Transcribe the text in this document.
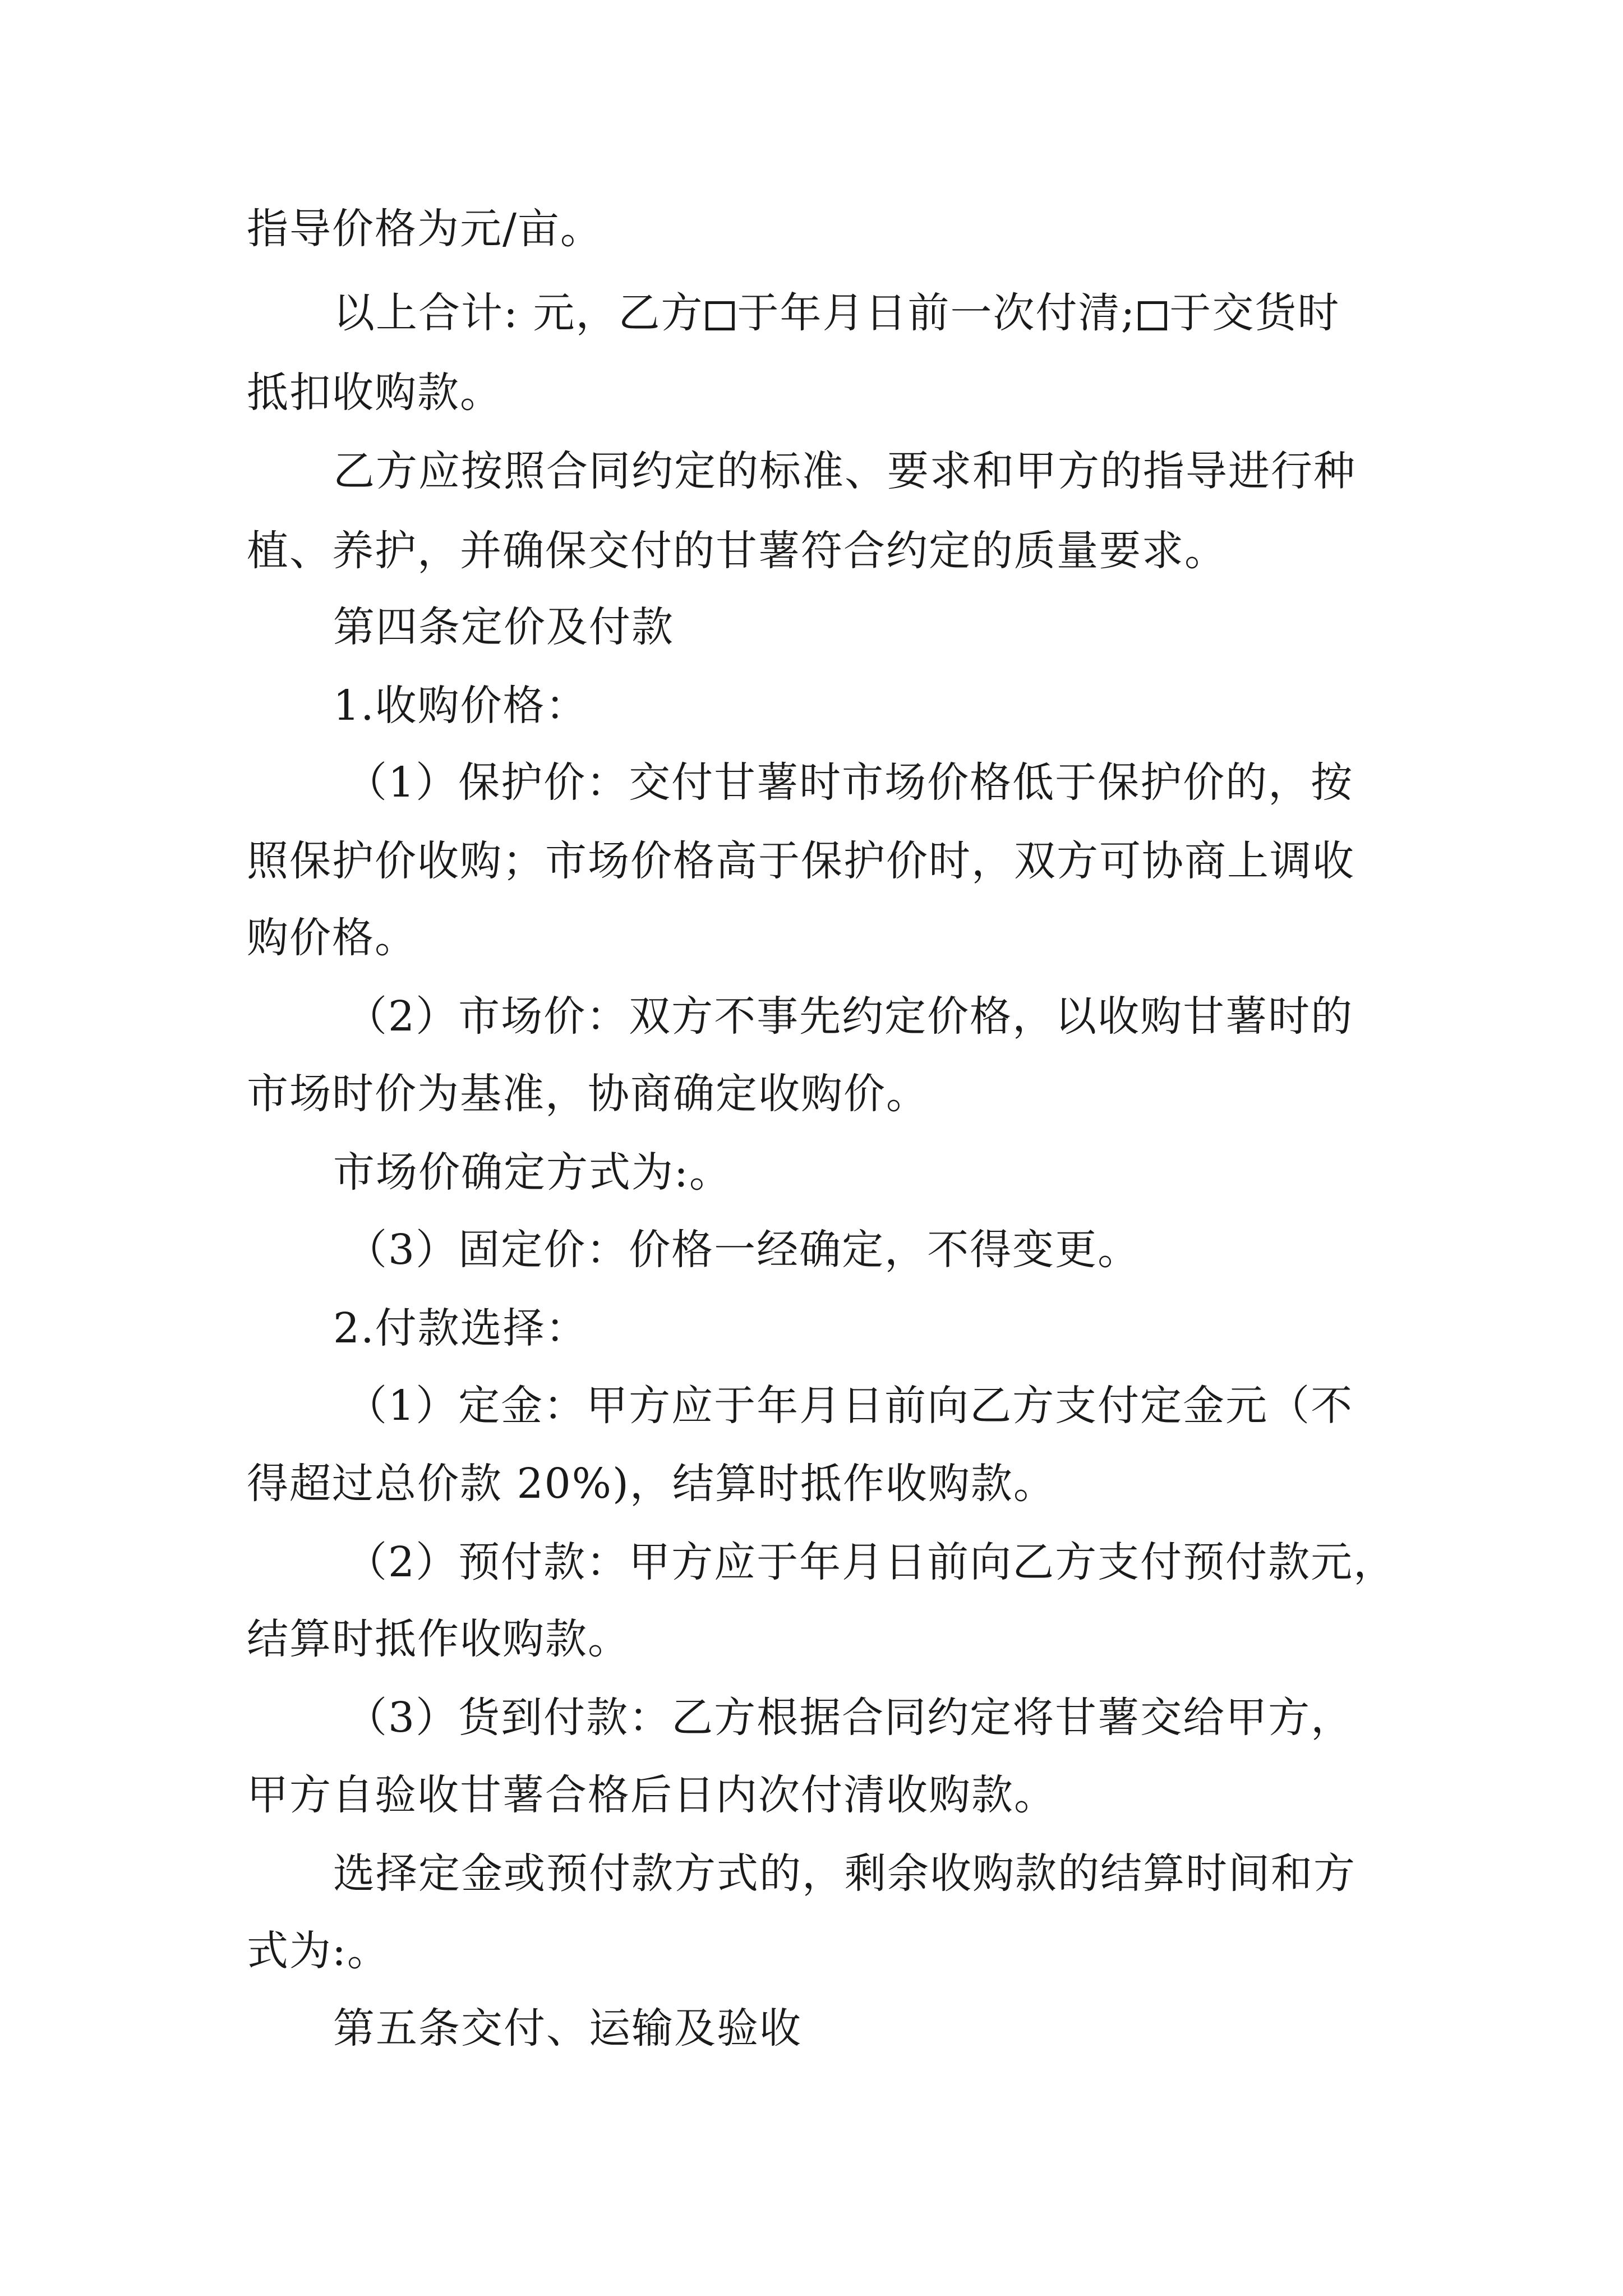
指导价格为元/亩。
以上合计: 元，乙方 于年月日前一次付清; 于交货时
抵扣收购款。
乙方应按照合同约定的标准、要求和甲方的指导进行种
植、养护，并确保交付的甘薯符合约定的质量要求。
第四条定价及付款
1.收购价格：
（1）保护价：交付甘薯时市场价格低于保护价的，按
照保护价收购；市场价格高于保护价时，双方可协商上调收
购价格。
（2）市场价：双方不事先约定价格，以收购甘薯时的
市场时价为基准，协商确定收购价。
市场价确定方式为:。
（3）固定价：价格一经确定，不得变更。
2.付款选择：
（1）定金：甲方应于年月日前向乙方支付定金元（不
得超过总价款 20%)，结算时抵作收购款。
（2）预付款：甲方应于年月日前向乙方支付预付款元，
结算时抵作收购款。
（3）货到付款：乙方根据合同约定将甘薯交给甲方，
甲方自验收甘薯合格后日内次付清收购款。
选择定金或预付款方式的，剩余收购款的结算时间和方
式为:。
第五条交付、运输及验收
